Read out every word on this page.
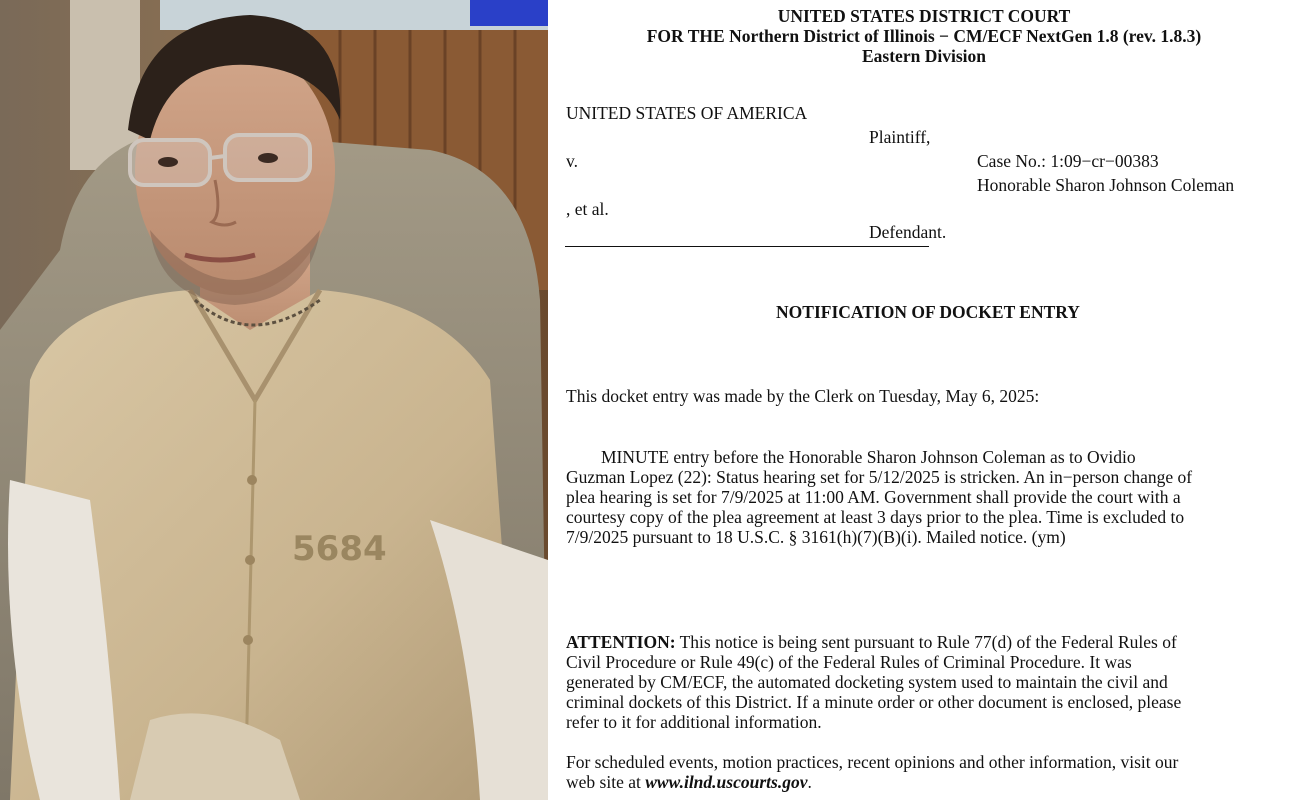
5684
UNITED STATES DISTRICT COURT
FOR THE Northern District of Illinois − CM/ECF NextGen 1.8 (rev. 1.8.3)
Eastern Division
UNITED STATES OF AMERICA
Plaintiff,
v.	Case No.: 1:09−cr−00383
Honorable Sharon Johnson Coleman
, et al.
Defendant.
NOTIFICATION OF DOCKET ENTRY
This docket entry was made by the Clerk on Tuesday, May 6, 2025:
MINUTE entry before the Honorable Sharon Johnson Coleman as to Ovidio
Guzman Lopez (22): Status hearing set for 5/12/2025 is stricken. An in−person change of
plea hearing is set for 7/9/2025 at 11:00 AM. Government shall provide the court with a
courtesy copy of the plea agreement at least 3 days prior to the plea. Time is excluded to
7/9/2025 pursuant to 18 U.S.C. § 3161(h)(7)(B)(i). Mailed notice. (ym)
ATTENTION: This notice is being sent pursuant to Rule 77(d) of the Federal Rules of
Civil Procedure or Rule 49(c) of the Federal Rules of Criminal Procedure. It was
generated by CM/ECF, the automated docketing system used to maintain the civil and
criminal dockets of this District. If a minute order or other document is enclosed, please
refer to it for additional information.
For scheduled events, motion practices, recent opinions and other information, visit our
web site at www.ilnd.uscourts.gov.
